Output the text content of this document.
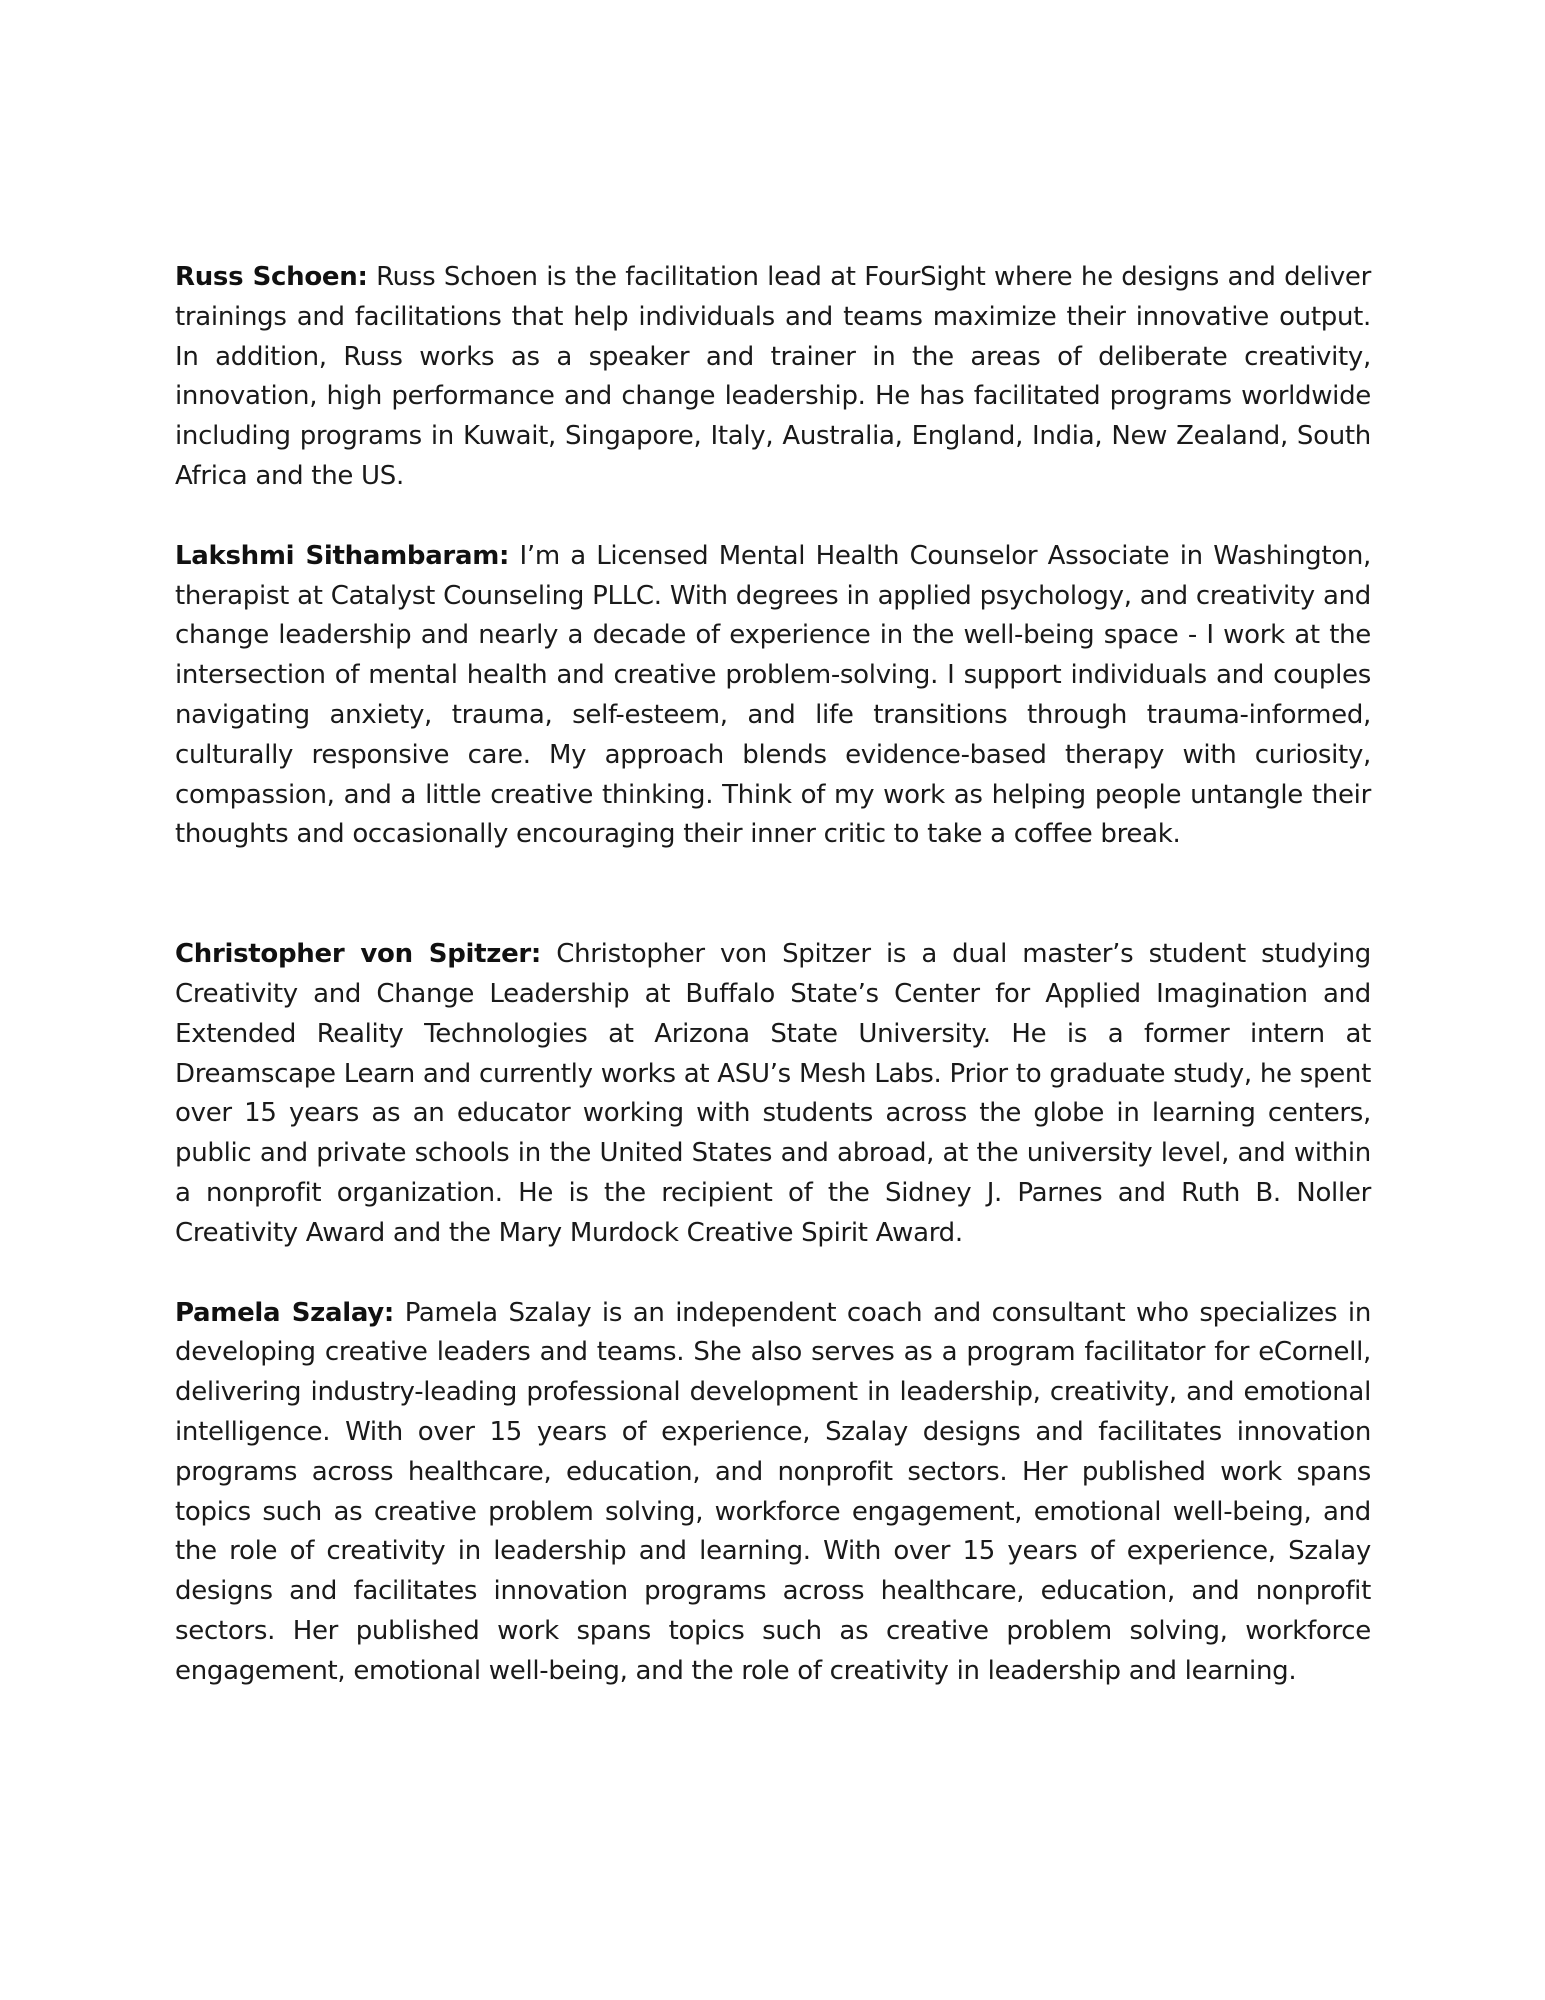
Russ Schoen: Russ Schoen is the facilitation lead at FourSight where he designs and deliver trainings and facilitations that help individuals and teams maximize their innovative output. In addition, Russ works as a speaker and trainer in the areas of deliberate creativity, innovation, high performance and change leadership. He has facilitated programs worldwide including programs in Kuwait, Singapore, Italy, Australia, England, India, New Zealand, South Africa and the US.

Lakshmi Sithambaram: I’m a Licensed Mental Health Counselor Associate in Washington, therapist at Catalyst Counseling PLLC. With degrees in applied psychology, and creativity and change leadership and nearly a decade of experience in the well-being space - I work at the intersection of mental health and creative problem-solving. I support individuals and couples navigating anxiety, trauma, self-esteem, and life transitions through trauma-informed, culturally responsive care. My approach blends evidence-based therapy with curiosity, compassion, and a little creative thinking. Think of my work as helping people untangle their thoughts and occasionally encouraging their inner critic to take a coffee break.

Christopher von Spitzer: Christopher von Spitzer is a dual master’s student studying Creativity and Change Leadership at Buffalo State’s Center for Applied Imagination and Extended Reality Technologies at Arizona State University. He is a former intern at Dreamscape Learn and currently works at ASU’s Mesh Labs. Prior to graduate study, he spent over 15 years as an educator working with students across the globe in learning centers, public and private schools in the United States and abroad, at the university level, and within a nonprofit organization. He is the recipient of the Sidney J. Parnes and Ruth B. Noller Creativity Award and the Mary Murdock Creative Spirit Award.

Pamela Szalay: Pamela Szalay is an independent coach and consultant who specializes in developing creative leaders and teams. She also serves as a program facilitator for eCornell, delivering industry-leading professional development in leadership, creativity, and emotional intelligence. With over 15 years of experience, Szalay designs and facilitates innovation programs across healthcare, education, and nonprofit sectors. Her published work spans topics such as creative problem solving, workforce engagement, emotional well-being, and the role of creativity in leadership and learning. With over 15 years of experience, Szalay designs and facilitates innovation programs across healthcare, education, and nonprofit sectors. Her published work spans topics such as creative problem solving, workforce engagement, emotional well-being, and the role of creativity in leadership and learning.
